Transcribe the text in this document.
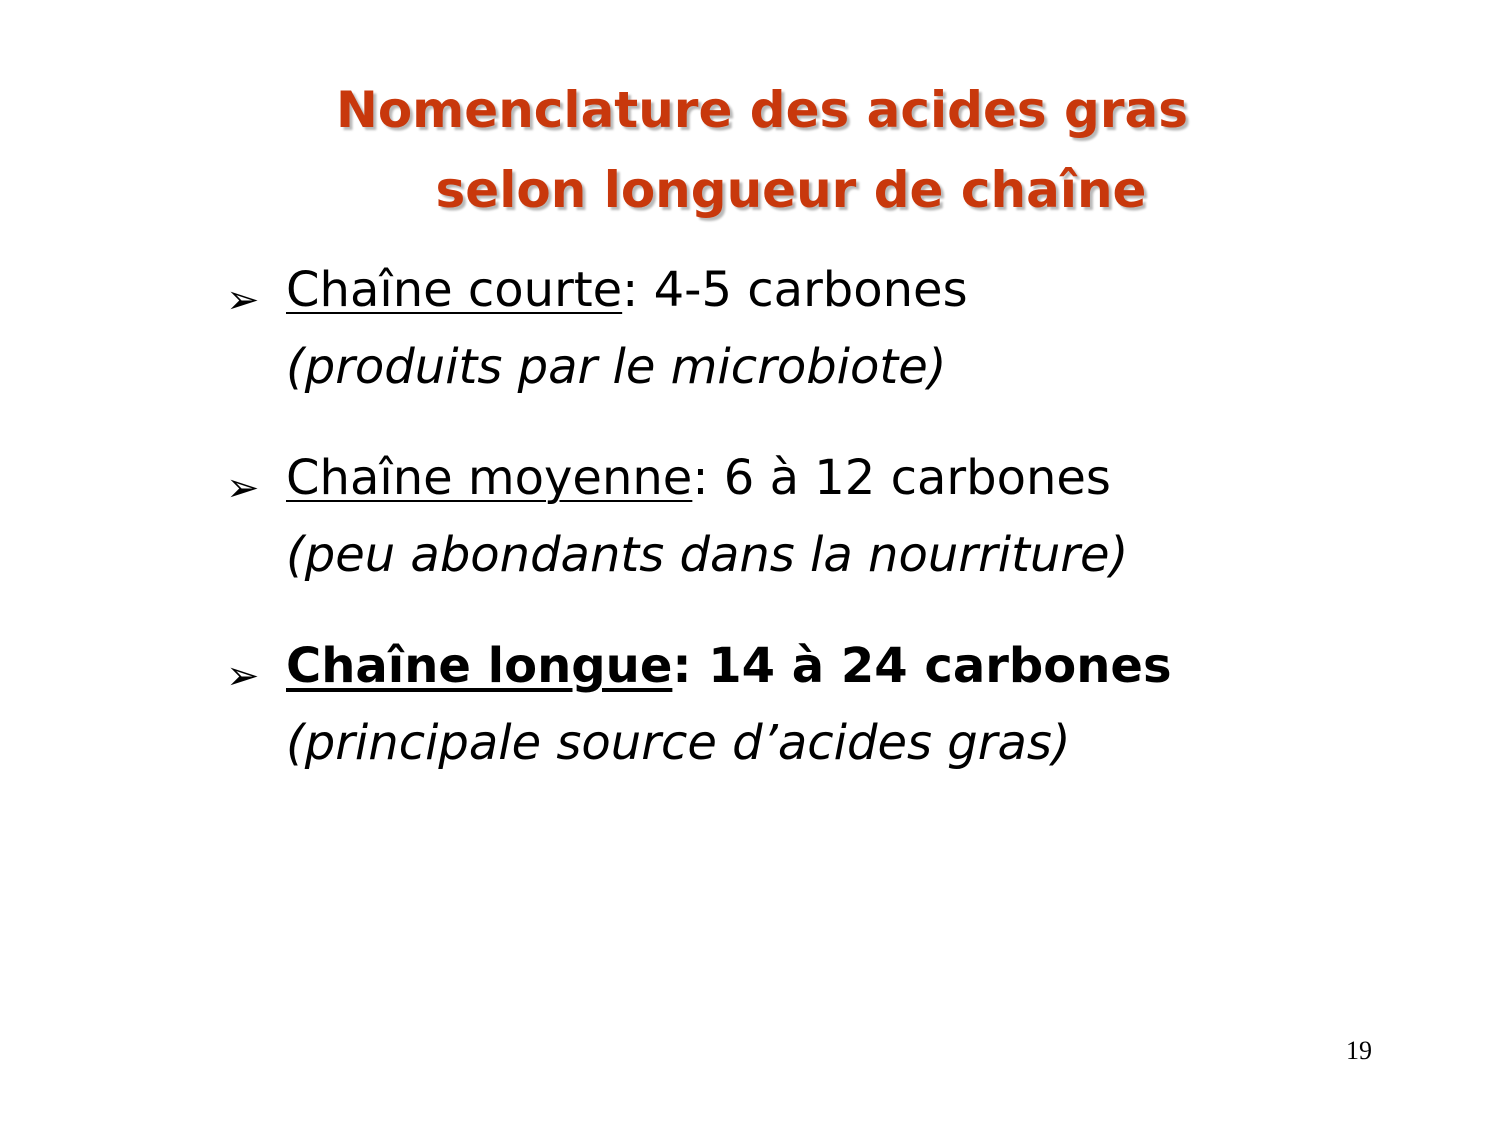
Nomenclature des acides gras
selon longueur de chaîne
➢ Chaîne courte: 4-5 carbones
(produits par le microbiote)
➢ Chaîne moyenne: 6 à 12 carbones
(peu abondants dans la nourriture)
➢ Chaîne longue: 14 à 24 carbones
(principale source d’acides gras)
19
